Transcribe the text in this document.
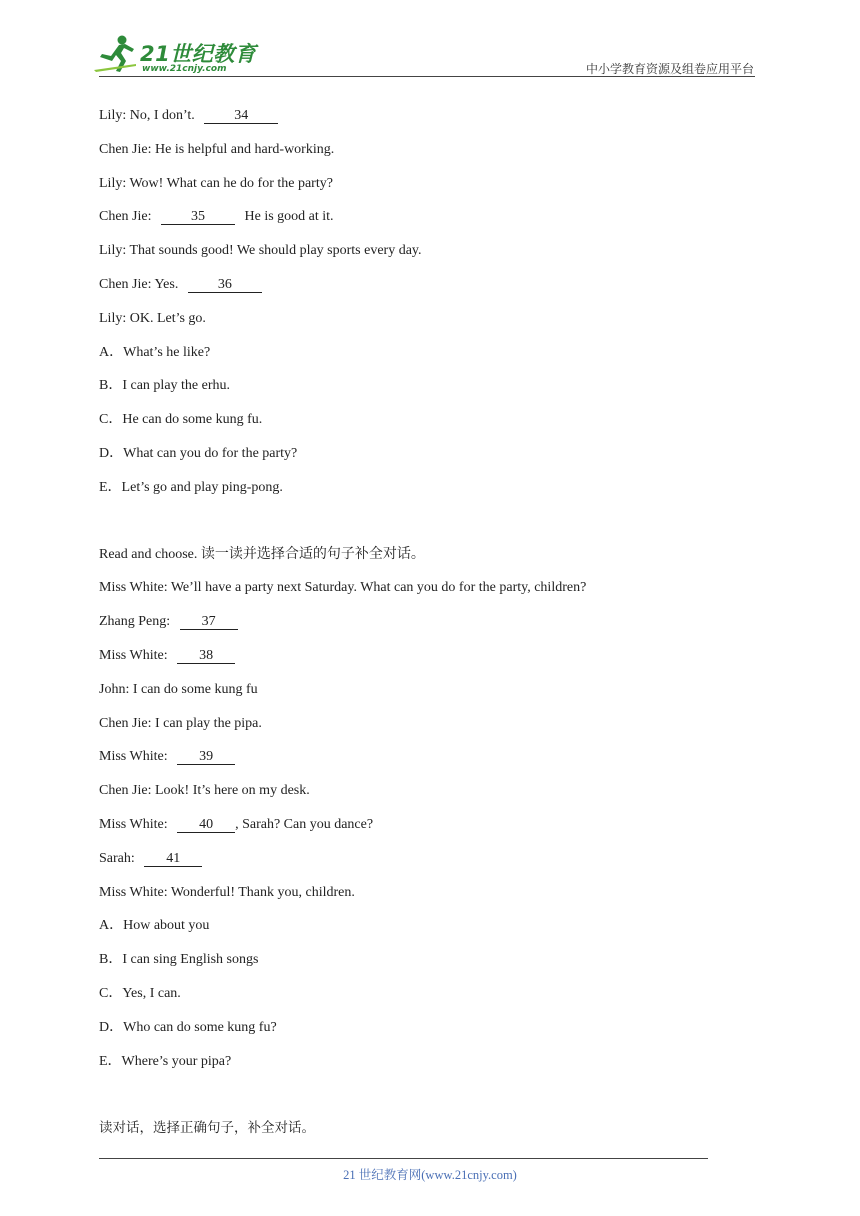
21世纪教育
www.21cnjy.com	中小学教育资源及组卷应用平台
Lily: No, I don’t.	34
Chen Jie: He is helpful and hard-working.
Lily: Wow! What can he do for the party?
Chen Jie:	35	He is good at it.
Lily: That sounds good! We should play sports every day.
Chen Jie: Yes.	36
Lily: OK. Let’s go.
A．What’s he like?
B．I can play the erhu.
C．He can do some kung fu.
D．What can you do for the party?
E．Let’s go and play ping-pong.
Read and choose. 读一读并选择合适的句子补全对话。
Miss White: We’ll have a party next Saturday. What can you do for the party, children?
Zhang Peng: 37
Miss White: 38
John: I can do some kung fu
Chen Jie: I can play the pipa.
Miss White: 39
Chen Jie: Look! It’s here on my desk.
Miss White: 40 , Sarah? Can you dance?
Sarah: 41
Miss White: Wonderful! Thank you, children.
A．How about you
B．I can sing English songs
C．Yes, I can.
D．Who can do some kung fu?
E．Where’s your pipa?
读对话，选择正确句子，补全对话。
21 世纪教育网(www.21cnjy.com)
